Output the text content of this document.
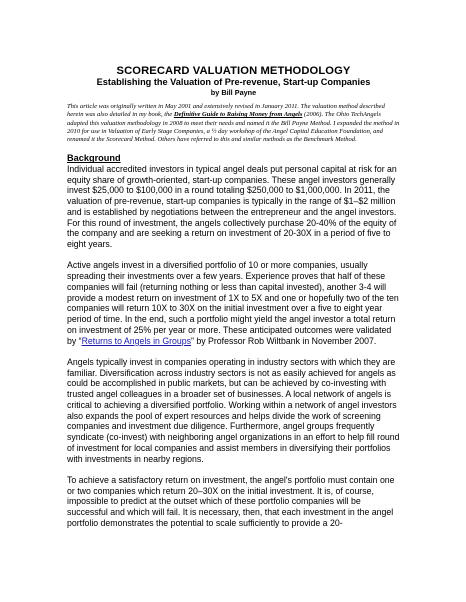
SCORECARD VALUATION METHODOLOGY

Establishing the Valuation of Pre-revenue, Start-up Companies

by Bill Payne

This article was originally written in May 2001 and extensively revised in January 2011. The valuation method described herein was also detailed in my book, the Definitive Guide to Raising Money from Angels (2006). The Ohio TechAngels adapted this valuation methodology in 2008 to meet their needs and named it the Bill Payne Method. I expanded the method in 2010 for use in Valuation of Early Stage Companies, a ½ day workshop of the Angel Capital Education Foundation, and renamed it the Scorecard Method. Others have referred to this and similar methods as the Benchmark Method.

Background

Individual accredited investors in typical angel deals put personal capital at risk for an equity share of growth-oriented, start-up companies. These angel investors generally invest $25,000 to $100,000 in a round totaling $250,000 to $1,000,000. In 2011, the valuation of pre-revenue, start-up companies is typically in the range of $1–$2 million and is established by negotiations between the entrepreneur and the angel investors. For this round of investment, the angels collectively purchase 20-40% of the equity of the company and are seeking a return on investment of 20-30X in a period of five to eight years.

Active angels invest in a diversified portfolio of 10 or more companies, usually spreading their investments over a few years. Experience proves that half of these companies will fail (returning nothing or less than capital invested), another 3-4 will provide a modest return on investment of 1X to 5X and one or hopefully two of the ten companies will return 10X to 30X on the initial investment over a five to eight year period of time. In the end, such a portfolio might yield the angel investor a total return on investment of 25% per year or more. These anticipated outcomes were validated by “Returns to Angels in Groups” by Professor Rob Wiltbank in November 2007.

Angels typically invest in companies operating in industry sectors with which they are familiar. Diversification across industry sectors is not as easily achieved for angels as could be accomplished in public markets, but can be achieved by co-investing with trusted angel colleagues in a broader set of businesses. A local network of angels is critical to achieving a diversified portfolio. Working within a network of angel investors also expands the pool of expert resources and helps divide the work of screening companies and investment due diligence. Furthermore, angel groups frequently syndicate (co-invest) with neighboring angel organizations in an effort to help fill round of investment for local companies and assist members in diversifying their portfolios with investments in nearby regions.

To achieve a satisfactory return on investment, the angel's portfolio must contain one or two companies which return 20–30X on the initial investment. It is, of course, impossible to predict at the outset which of these portfolio companies will be successful and which will fail. It is necessary, then, that each investment in the angel portfolio demonstrates the potential to scale sufficiently to provide a 20-
